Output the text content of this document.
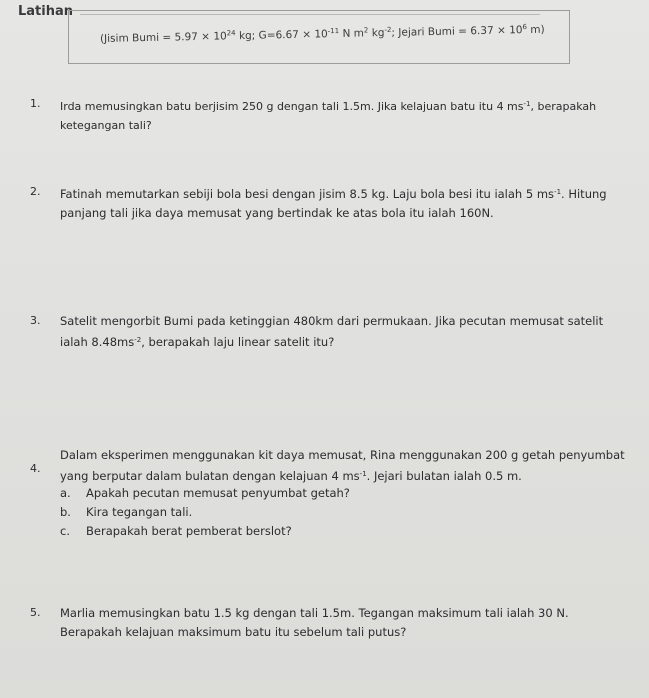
Latihan
(Jisim Bumi = $5.97 \times 10^{24}$ kg; $G=6.67 \times 10^{-11}$ N $m^2$ $kg^{-2}$; Jejari Bumi = $6.37 \times 10^6$ m)
1. Irda memusingkan batu berjisim 250 g dengan tali 1.5m. Jika kelajuan batu itu 4 $ms^{-1}$, berapakah
ketegangan tali?
2. Fatinah memutarkan sebiji bola besi dengan jisim 8.5 kg. Laju bola besi itu ialah 5 $ms^{-1}$. Hitung
panjang tali jika daya memusat yang bertindak ke atas bola itu ialah 160N.
3. Satelit mengorbit Bumi pada ketinggian 480km dari permukaan. Jika pecutan memusat satelit
ialah $8.48ms^{-2}$, berapakah laju linear satelit itu?
4.
Dalam eksperimen menggunakan kit daya memusat, Rina menggunakan 200 g getah penyumbat
yang berputar dalam bulatan dengan kelajuan 4 $ms^{-1}$. Jejari bulatan ialah 0.5 m.
a. Apakah pecutan memusat penyumbat getah?
b. Kira tegangan tali.
c. Berapakah berat pemberat berslot?
5. Marlia memusingkan batu 1.5 kg dengan tali 1.5m. Tegangan maksimum tali ialah 30 N.
Berapakah kelajuan maksimum batu itu sebelum tali putus?
